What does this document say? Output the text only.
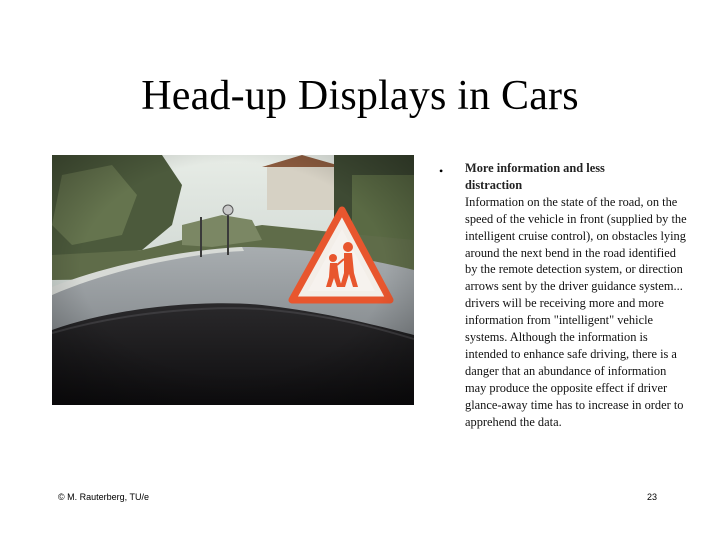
Head-up Displays in Cars
• More information and less
distraction
Information on the state of the road, on the speed of the vehicle in front (supplied by the intelligent cruise control), on obstacles lying around the next bend in the road identified by the remote detection system, or direction arrows sent by the driver guidance system... drivers will be receiving more and more information from "intelligent" vehicle systems. Although the information is intended to enhance safe driving, there is a danger that an abundance of information may produce the opposite effect if driver glance-away time has to increase in order to apprehend the data.
© M. Rauterberg, TU/e	23
